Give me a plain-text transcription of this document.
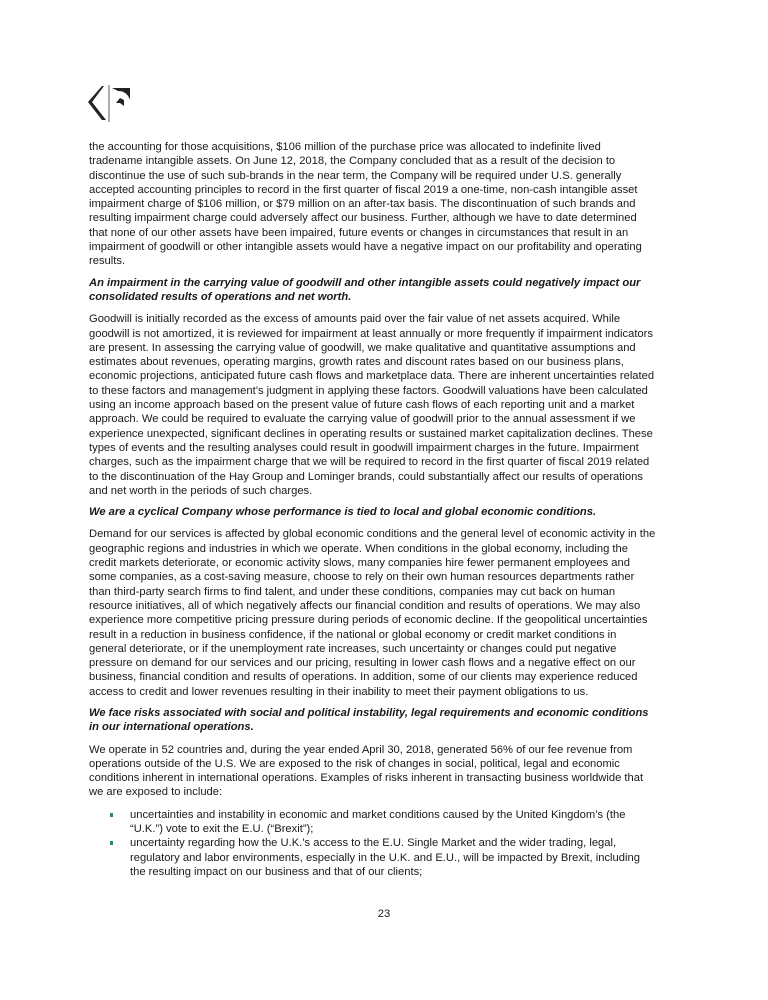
the accounting for those acquisitions, $106 million of the purchase price was allocated to indefinite lived
tradename intangible assets. On June 12, 2018, the Company concluded that as a result of the decision to
discontinue the use of such sub-brands in the near term, the Company will be required under U.S. generally
accepted accounting principles to record in the first quarter of fiscal 2019 a one-time, non-cash intangible asset
impairment charge of $106 million, or $79 million on an after-tax basis. The discontinuation of such brands and
resulting impairment charge could adversely affect our business. Further, although we have to date determined
that none of our other assets have been impaired, future events or changes in circumstances that result in an
impairment of goodwill or other intangible assets would have a negative impact on our profitability and operating
results.
An impairment in the carrying value of goodwill and other intangible assets could negatively impact our
consolidated results of operations and net worth.
Goodwill is initially recorded as the excess of amounts paid over the fair value of net assets acquired. While
goodwill is not amortized, it is reviewed for impairment at least annually or more frequently if impairment indicators
are present. In assessing the carrying value of goodwill, we make qualitative and quantitative assumptions and
estimates about revenues, operating margins, growth rates and discount rates based on our business plans,
economic projections, anticipated future cash flows and marketplace data. There are inherent uncertainties related
to these factors and management’s judgment in applying these factors. Goodwill valuations have been calculated
using an income approach based on the present value of future cash flows of each reporting unit and a market
approach. We could be required to evaluate the carrying value of goodwill prior to the annual assessment if we
experience unexpected, significant declines in operating results or sustained market capitalization declines. These
types of events and the resulting analyses could result in goodwill impairment charges in the future. Impairment
charges, such as the impairment charge that we will be required to record in the first quarter of fiscal 2019 related
to the discontinuation of the Hay Group and Lominger brands, could substantially affect our results of operations
and net worth in the periods of such charges.
We are a cyclical Company whose performance is tied to local and global economic conditions.
Demand for our services is affected by global economic conditions and the general level of economic activity in the
geographic regions and industries in which we operate. When conditions in the global economy, including the
credit markets deteriorate, or economic activity slows, many companies hire fewer permanent employees and
some companies, as a cost-saving measure, choose to rely on their own human resources departments rather
than third-party search firms to find talent, and under these conditions, companies may cut back on human
resource initiatives, all of which negatively affects our financial condition and results of operations. We may also
experience more competitive pricing pressure during periods of economic decline. If the geopolitical uncertainties
result in a reduction in business confidence, if the national or global economy or credit market conditions in
general deteriorate, or if the unemployment rate increases, such uncertainty or changes could put negative
pressure on demand for our services and our pricing, resulting in lower cash flows and a negative effect on our
business, financial condition and results of operations. In addition, some of our clients may experience reduced
access to credit and lower revenues resulting in their inability to meet their payment obligations to us.
We face risks associated with social and political instability, legal requirements and economic conditions
in our international operations.
We operate in 52 countries and, during the year ended April 30, 2018, generated 56% of our fee revenue from
operations outside of the U.S. We are exposed to the risk of changes in social, political, legal and economic
conditions inherent in international operations. Examples of risks inherent in transacting business worldwide that
we are exposed to include:
uncertainties and instability in economic and market conditions caused by the United Kingdom’s (the
“U.K.”) vote to exit the E.U. (“Brexit”);
uncertainty regarding how the U.K.’s access to the E.U. Single Market and the wider trading, legal,
regulatory and labor environments, especially in the U.K. and E.U., will be impacted by Brexit, including
the resulting impact on our business and that of our clients;
23
